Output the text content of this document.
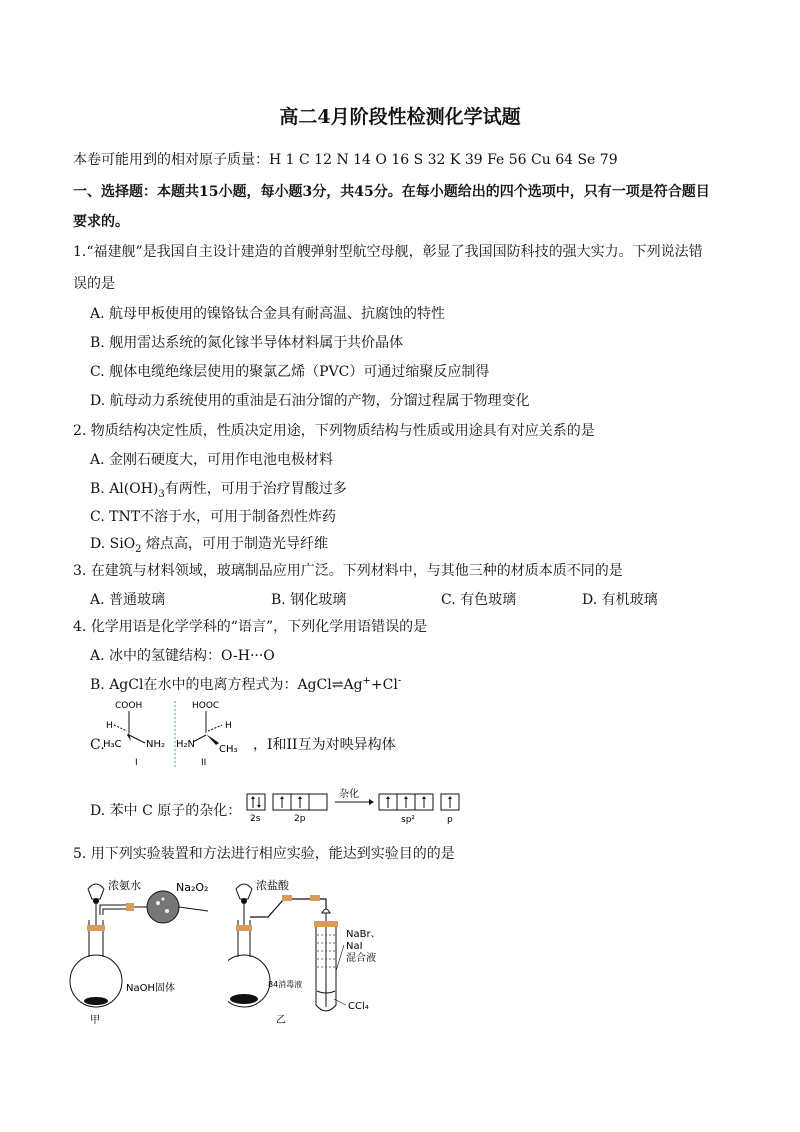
高二4月阶段性检测化学试题
本卷可能用到的相对原子质量：H 1 C 12 N 14 O 16 S 32 K 39 Fe 56 Cu 64 Se 79
一、选择题：本题共15小题，每小题3分，共45分。在每小题给出的四个选项中，只有一项是符合题目
要求的。
1.“福建舰”是我国自主设计建造的首艘弹射型航空母舰，彰显了我国国防科技的强大实力。下列说法错
误的是
A. 航母甲板使用的镍铬钛合金具有耐高温、抗腐蚀的特性
B. 舰用雷达系统的氮化镓半导体材料属于共价晶体
C. 舰体电缆绝缘层使用的聚氯乙烯（PVC）可通过缩聚反应制得
D. 航母动力系统使用的重油是石油分馏的产物，分馏过程属于物理变化
2. 物质结构决定性质，性质决定用途，下列物质结构与性质或用途具有对应关系的是
A. 金刚石硬度大，可用作电池电极材料
B. $Al(OH)_3$有两性，可用于治疗胃酸过多
C. TNT不溶于水，可用于制备烈性炸药
D. SiO$_2$ 熔点高，可用于制造光导纤维
3. 在建筑与材料领域，玻璃制品应用广泛。下列材料中，与其他三种的材质本质不同的是
A. 普通玻璃	B. 钢化玻璃	C. 有色玻璃	D. 有机玻璃
4. 化学用语是化学学科的“语言”，下列化学用语错误的是
A. 冰中的氢键结构：O-H···O
B. AgCl在水中的电离方程式为：AgCl⇌Ag++Cl-
C.
COOH
H
H₃C NH₂
I
HOOC
H
H₂N CH₃
II
，I和II互为对映异构体
D. 苯中 C 原子的杂化： 2s	2p
杂化
sp²	p
5. 用下列实验装置和方法进行相应实验，能达到实验目的的是
浓氨水	Na₂O₂
NaOH固体
甲
浓盐酸
NaBr、
NaI
混合液
CCl₄
84消毒液
乙
